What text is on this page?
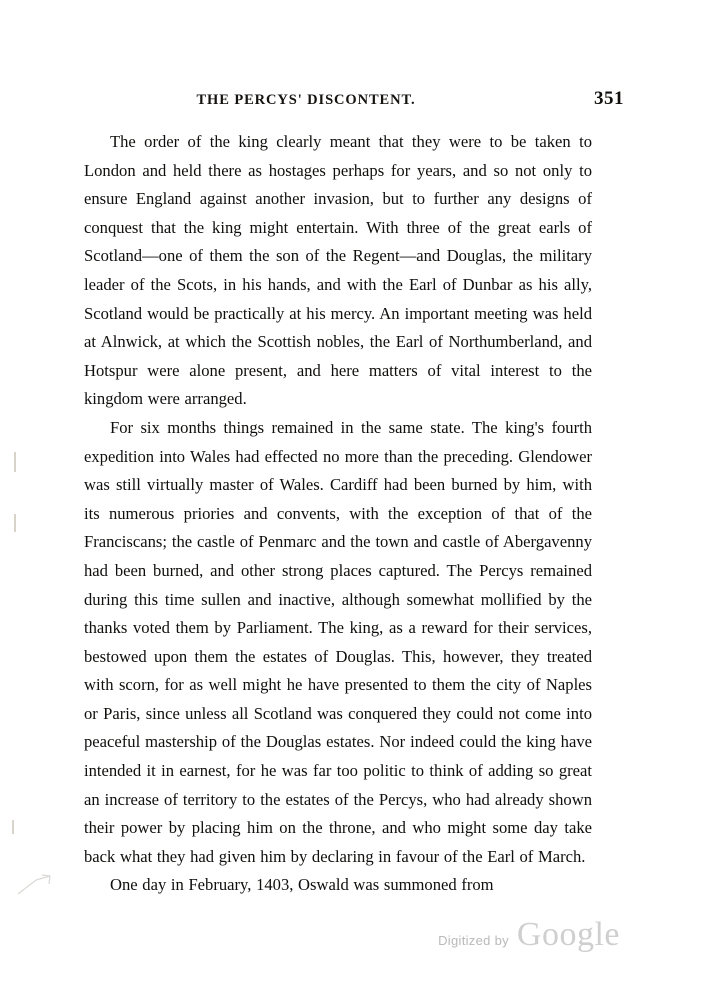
THE PERCYS' DISCONTENT.	351

The order of the king clearly meant that they were to be taken to London and held there as hostages perhaps for years, and so not only to ensure England against another invasion, but to further any designs of conquest that the king might entertain. With three of the great earls of Scotland—one of them the son of the Regent—and Douglas, the military leader of the Scots, in his hands, and with the Earl of Dunbar as his ally, Scotland would be practically at his mercy. An important meeting was held at Alnwick, at which the Scottish nobles, the Earl of Northumberland, and Hotspur were alone present, and here matters of vital interest to the kingdom were arranged.

For six months things remained in the same state. The king's fourth expedition into Wales had effected no more than the preceding. Glendower was still virtually master of Wales. Cardiff had been burned by him, with its numerous priories and convents, with the exception of that of the Franciscans; the castle of Penmarc and the town and castle of Abergavenny had been burned, and other strong places captured. The Percys remained during this time sullen and inactive, although somewhat mollified by the thanks voted them by Parliament. The king, as a reward for their services, bestowed upon them the estates of Douglas. This, however, they treated with scorn, for as well might he have presented to them the city of Naples or Paris, since unless all Scotland was conquered they could not come into peaceful mastership of the Douglas estates. Nor indeed could the king have intended it in earnest, for he was far too politic to think of adding so great an increase of territory to the estates of the Percys, who had already shown their power by placing him on the throne, and who might some day take back what they had given him by declaring in favour of the Earl of March.

One day in February, 1403, Oswald was summoned from

Digitized by Google
